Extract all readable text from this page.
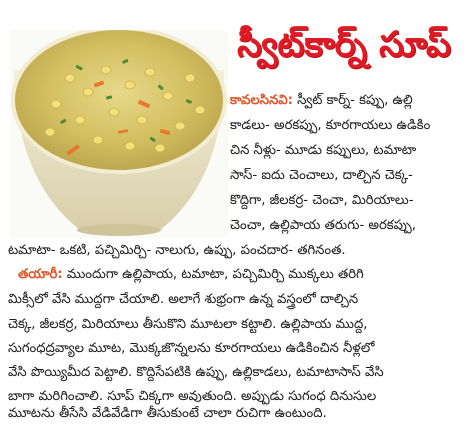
స్వీట్‌కార్న్ సూప్
కావలసినవి: స్వీట్ కార్న్- కప్పు, ఉల్లి
కాడలు- అరకప్పు, కూరగాయలు ఉడికిం
చిన నీళ్లు- మూడు కప్పులు, టమాటా
సాస్- ఐదు చెంచాలు, దాల్చిన చెక్క-
కొద్దిగా, జీలకర్ర- చెంచా, మిరియాలు-
చెంచా, ఉల్లిపాయ తరుగు- అరకప్పు,
టమాటా- ఒకటి, పచ్చిమిర్చి- నాలుగు, ఉప్పు, పంచదార- తగినంత.
తయారీ: ముందుగా ఉల్లిపాయ, టమాటా, పచ్చిమిర్చి ముక్కలు తరిగి
మిక్సీలో వేసి ముద్దగా చేయాలి. అలాగే శుభ్రంగా ఉన్న వస్త్రంలో దాల్చిన
చెక్క, జీలకర్ర, మిరియాలు తీసుకొని మూటలా కట్టాలి. ఉల్లిపాయ ముద్ద,
సుగంధద్రవ్యాల మూట, మొక్కజొన్నలను కూరగాయలు ఉడికించిన నీళ్లలో
వేసి పొయ్యిమీద పెట్టాలి. కొద్దిసేపటికి ఉప్పు, ఉల్లికాడలు, టమాటాసాస్ వేసి
బాగా మరిగించాలి. సూప్ చిక్కగా అవుతుంది. అప్పుడు సుగంధ దినుసుల
మూటను తీసేసి వేడివేడిగా తీసుకుంటే చాలా రుచిగా ఉంటుంది.
